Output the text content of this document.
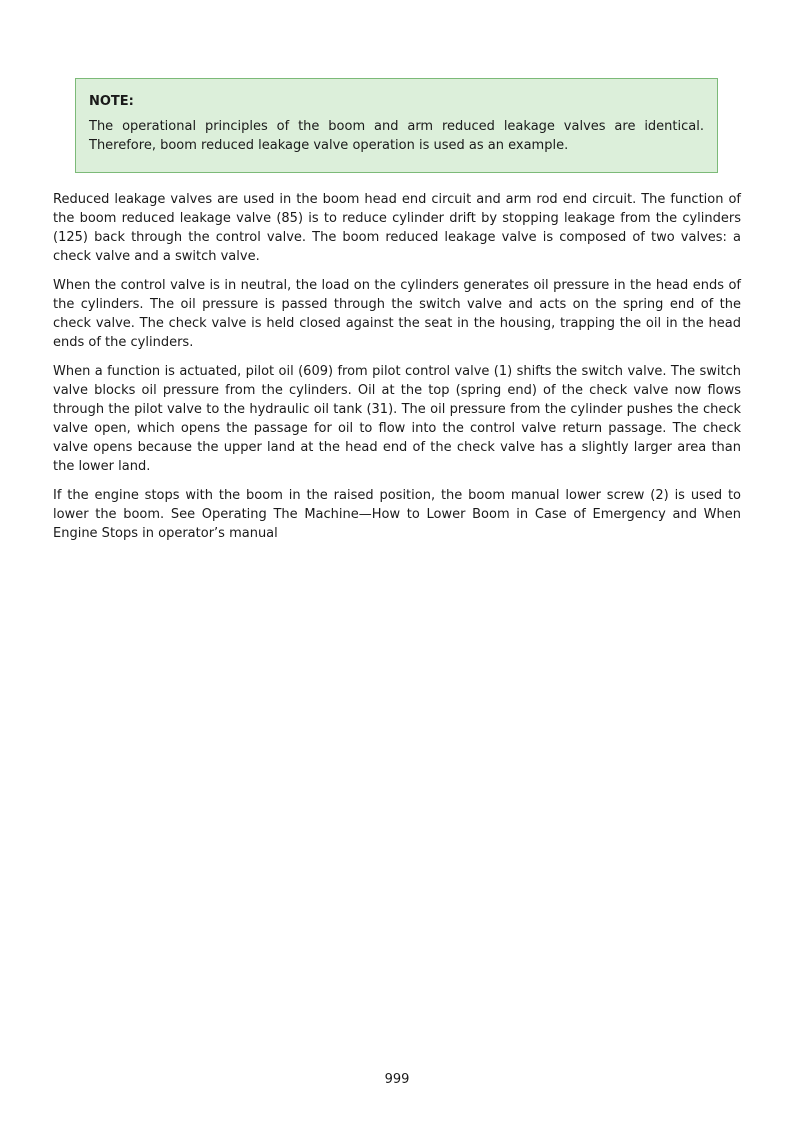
NOTE:

The operational principles of the boom and arm reduced leakage valves are identical. Therefore, boom reduced leakage valve operation is used as an example.

Reduced leakage valves are used in the boom head end circuit and arm rod end circuit. The function of the boom reduced leakage valve (85) is to reduce cylinder drift by stopping leakage from the cylinders (125) back through the control valve. The boom reduced leakage valve is composed of two valves: a check valve and a switch valve.

When the control valve is in neutral, the load on the cylinders generates oil pressure in the head ends of the cylinders. The oil pressure is passed through the switch valve and acts on the spring end of the check valve. The check valve is held closed against the seat in the housing, trapping the oil in the head ends of the cylinders.

When a function is actuated, pilot oil (609) from pilot control valve (1) shifts the switch valve. The switch valve blocks oil pressure from the cylinders. Oil at the top (spring end) of the check valve now flows through the pilot valve to the hydraulic oil tank (31). The oil pressure from the cylinder pushes the check valve open, which opens the passage for oil to flow into the control valve return passage. The check valve opens because the upper land at the head end of the check valve has a slightly larger area than the lower land.

If the engine stops with the boom in the raised position, the boom manual lower screw (2) is used to lower the boom. See Operating The Machine—How to Lower Boom in Case of Emergency and When Engine Stops in operator’s manual

999
